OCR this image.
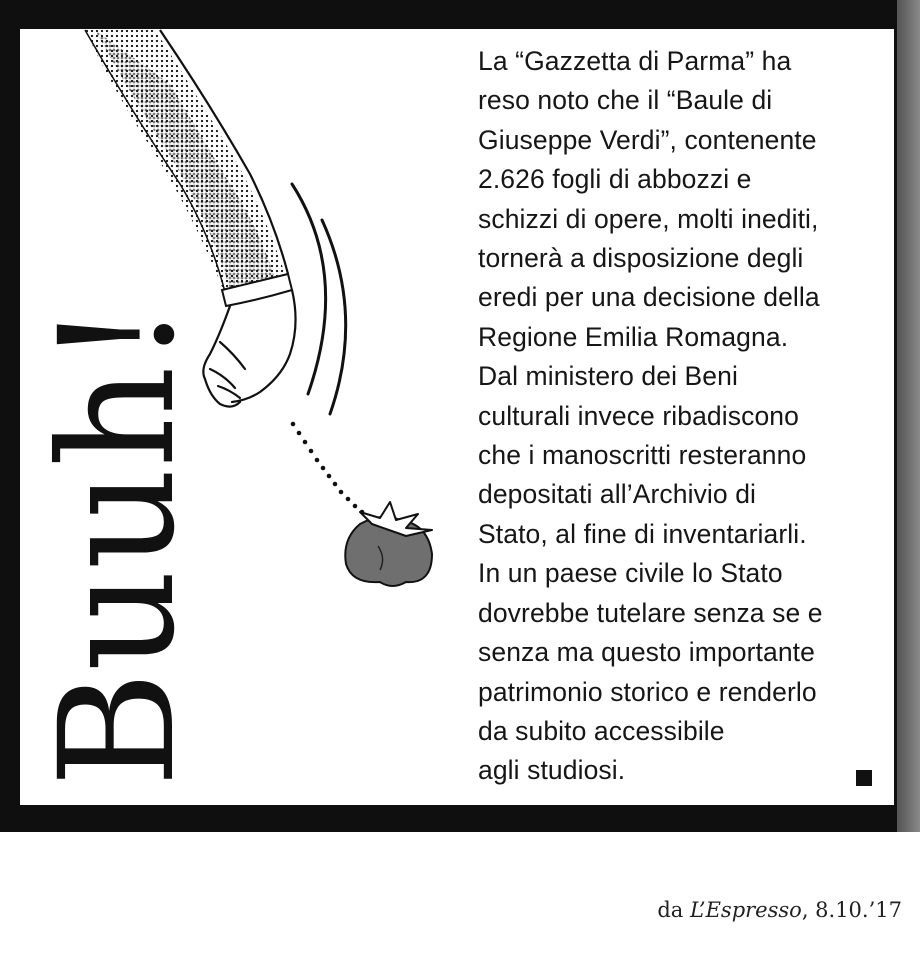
Buuh!
La “Gazzetta di Parma” ha
reso noto che il “Baule di
Giuseppe Verdi”, contenente
2.626 fogli di abbozzi e
schizzi di opere, molti inediti,
tornerà a disposizione degli
eredi per una decisione della
Regione Emilia Romagna.
Dal ministero dei Beni
culturali invece ribadiscono
che i manoscritti resteranno
depositati all’Archivio di
Stato, al fine di inventariarli.
In un paese civile lo Stato
dovrebbe tutelare senza se e
senza ma questo importante
patrimonio storico e renderlo
da subito accessibile
agli studiosi.
da L’Espresso, 8.10.’17
